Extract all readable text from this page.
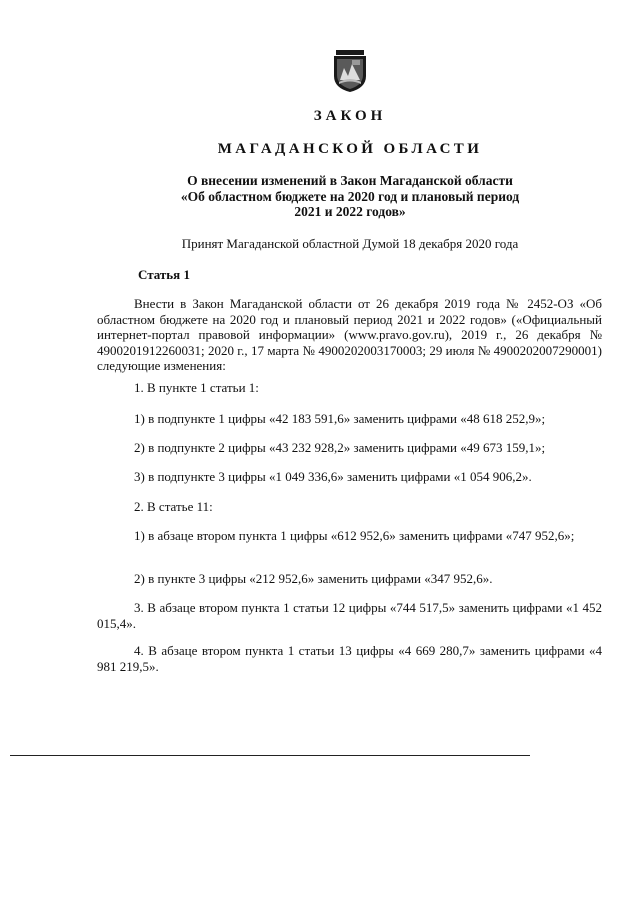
ЗАКОН
МАГАДАНСКОЙ ОБЛАСТИ
О внесении изменений в Закон Магаданской области
«Об областном бюджете на 2020 год и плановый период
2021 и 2022 годов»
Принят Магаданской областной Думой 18 декабря 2020 года
Статья 1
Внести в Закон Магаданской области от 26 декабря 2019 года № 2452-ОЗ «Об областном бюджете на 2020 год и плановый период 2021 и 2022 годов» («Официальный интернет-портал правовой информации» (www.pravo.gov.ru), 2019 г., 26 декабря № 4900201912260031; 2020 г., 17 марта № 4900202003170003; 29 июля № 4900202007290001) следующие изменения:
1. В пункте 1 статьи 1:
1) в подпункте 1 цифры «42 183 591,6» заменить цифрами «48 618 252,9»;
2) в подпункте 2 цифры «43 232 928,2» заменить цифрами «49 673 159,1»;
3) в подпункте 3 цифры «1 049 336,6» заменить цифрами «1 054 906,2».
2. В статье 11:
1) в абзаце втором пункта 1 цифры «612 952,6» заменить цифрами «747 952,6»;
2) в пункте 3 цифры «212 952,6» заменить цифрами «347 952,6».
3. В абзаце втором пункта 1 статьи 12 цифры «744 517,5» заменить цифрами «1 452 015,4».
4. В абзаце втором пункта 1 статьи 13 цифры «4 669 280,7» заменить цифрами «4 981 219,5».
